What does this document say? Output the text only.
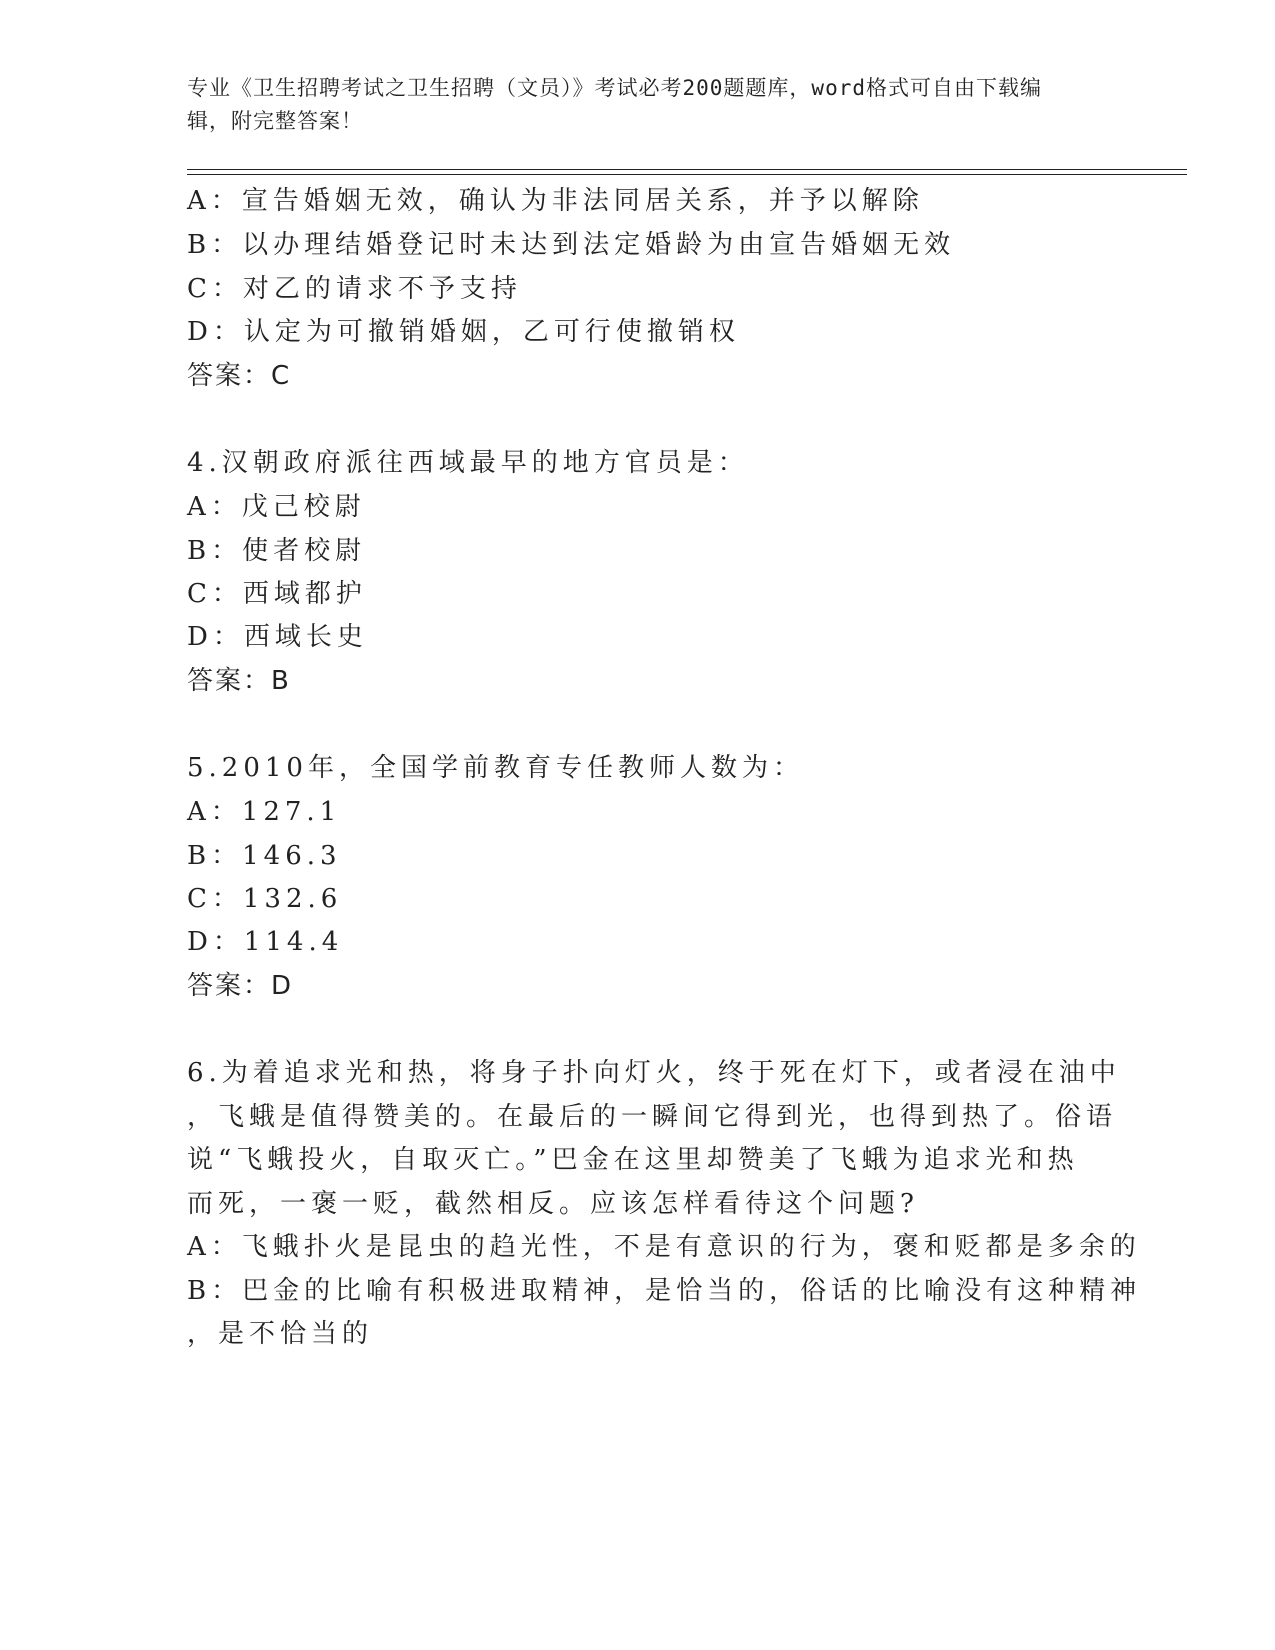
专业《卫生招聘考试之卫生招聘（文员）》考试必考200题题库，word格式可自由下载编辑，附完整答案！
A：宣告婚姻无效，确认为非法同居关系，并予以解除
B：以办理结婚登记时未达到法定婚龄为由宣告婚姻无效
C：对乙的请求不予支持
D：认定为可撤销婚姻，乙可行使撤销权
答案：C
4.汉朝政府派往西域最早的地方官员是：
A：戊己校尉
B：使者校尉
C：西域都护
D：西域长史
答案：B
5.2010年，全国学前教育专任教师人数为：
A：127.1
B：146.3
C：132.6
D：114.4
答案：D
6.为着追求光和热，将身子扑向灯火，终于死在灯下，或者浸在油中
，飞蛾是值得赞美的。在最后的一瞬间它得到光，也得到热了。俗语
说“飞蛾投火，自取灭亡。”巴金在这里却赞美了飞蛾为追求光和热
而死，一褒一贬，截然相反。应该怎样看待这个问题?
A：飞蛾扑火是昆虫的趋光性，不是有意识的行为，褒和贬都是多余的
B：巴金的比喻有积极进取精神，是恰当的，俗话的比喻没有这种精神
，是不恰当的
